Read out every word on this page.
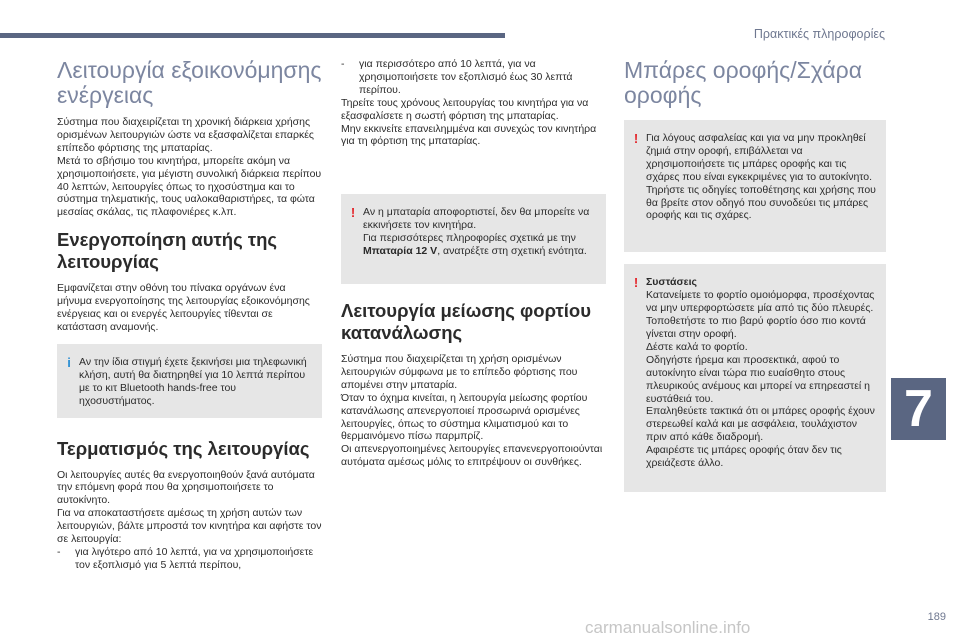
Πρακτικές πληροφορίες
Λειτουργία εξοικονόμησης ενέργειας

Σύστημα που διαχειρίζεται τη χρονική διάρκεια χρήσης ορισμένων λειτουργιών ώστε να εξασφαλίζεται επαρκές επίπεδο φόρτισης της μπαταρίας.

Μετά το σβήσιμο του κινητήρα, μπορείτε ακόμη να χρησιμοποιήσετε, για μέγιστη συνολική διάρκεια περίπου 40 λεπτών, λειτουργίες όπως το ηχοσύστημα και το σύστημα τηλεματικής, τους υαλοκαθαριστήρες, τα φώτα μεσαίας σκάλας, τις πλαφονιέρες κ.λπ.

Ενεργοποίηση αυτής της λειτουργίας

Εμφανίζεται στην οθόνη του πίνακα οργάνων ένα μήνυμα ενεργοποίησης της λειτουργίας εξοικονόμησης ενέργειας και οι ενεργές λειτουργίες τίθενται σε κατάσταση αναμονής.

i Αν την ίδια στιγμή έχετε ξεκινήσει μια τηλεφωνική κλήση, αυτή θα διατηρηθεί για 10 λεπτά περίπου με το κιτ Bluetooth hands-free του ηχοσυστήματος.
Τερματισμός της λειτουργίας

Οι λειτουργίες αυτές θα ενεργοποιηθούν ξανά αυτόματα την επόμενη φορά που θα χρησιμοποιήσετε το αυτοκίνητο.

Για να αποκαταστήσετε αμέσως τη χρήση αυτών των λειτουργιών, βάλτε μπροστά τον κινητήρα και αφήστε τον σε λειτουργία:

- για λιγότερο από 10 λεπτά, για να χρησιμοποιήσετε τον εξοπλισμό για 5 λεπτά περίπου,
- για περισσότερο από 10 λεπτά, για να χρησιμοποιήσετε τον εξοπλισμό έως 30 λεπτά περίπου.

Τηρείτε τους χρόνους λειτουργίας του κινητήρα για να εξασφαλίσετε η σωστή φόρτιση της μπαταρίας.

Μην εκκινείτε επανειλημμένα και συνεχώς τον κινητήρα για τη φόρτιση της μπαταρίας.

! Αν η μπαταρία αποφορτιστεί, δεν θα μπορείτε να εκκινήσετε τον κινητήρα.
Για περισσότερες πληροφορίες σχετικά με την Μπαταρία 12 V, ανατρέξτε στη σχετική ενότητα.
Λειτουργία μείωσης φορτίου κατανάλωσης

Σύστημα που διαχειρίζεται τη χρήση ορισμένων λειτουργιών σύμφωνα με το επίπεδο φόρτισης που απομένει στην μπαταρία.

Όταν το όχημα κινείται, η λειτουργία μείωσης φορτίου κατανάλωσης απενεργοποιεί προσωρινά ορισμένες λειτουργίες, όπως το σύστημα κλιματισμού και το θερμαινόμενο πίσω παρμπρίζ.

Οι απενεργοποιημένες λειτουργίες επανενεργοποιούνται αυτόματα αμέσως μόλις το επιτρέψουν οι συνθήκες.

Μπάρες οροφής/Σχάρα οροφής
! Για λόγους ασφαλείας και για να μην προκληθεί ζημιά στην οροφή, επιβάλλεται να χρησιμοποιήσετε τις μπάρες οροφής και τις σχάρες που είναι εγκεκριμένες για το αυτοκίνητο.
Τηρήστε τις οδηγίες τοποθέτησης και χρήσης που θα βρείτε στον οδηγό που συνοδεύει τις μπάρες οροφής και τις σχάρες.
! Συστάσεις
Κατανείμετε το φορτίο ομοιόμορφα, προσέχοντας να μην υπερφορτώσετε μία από τις δύο πλευρές.
Τοποθετήστε το πιο βαρύ φορτίο όσο πιο κοντά γίνεται στην οροφή.
Δέστε καλά το φορτίο.
Οδηγήστε ήρεμα και προσεκτικά, αφού το αυτοκίνητο είναι τώρα πιο ευαίσθητο στους πλευρικούς ανέμους και μπορεί να επηρεαστεί η ευστάθειά του.
Επαληθεύετε τακτικά ότι οι μπάρες οροφής έχουν στερεωθεί καλά και με ασφάλεια, τουλάχιστον πριν από κάθε διαδρομή.
Αφαιρέστε τις μπάρες οροφής όταν δεν τις χρειάζεστε άλλο.
7
189
carmanualsonline.info
